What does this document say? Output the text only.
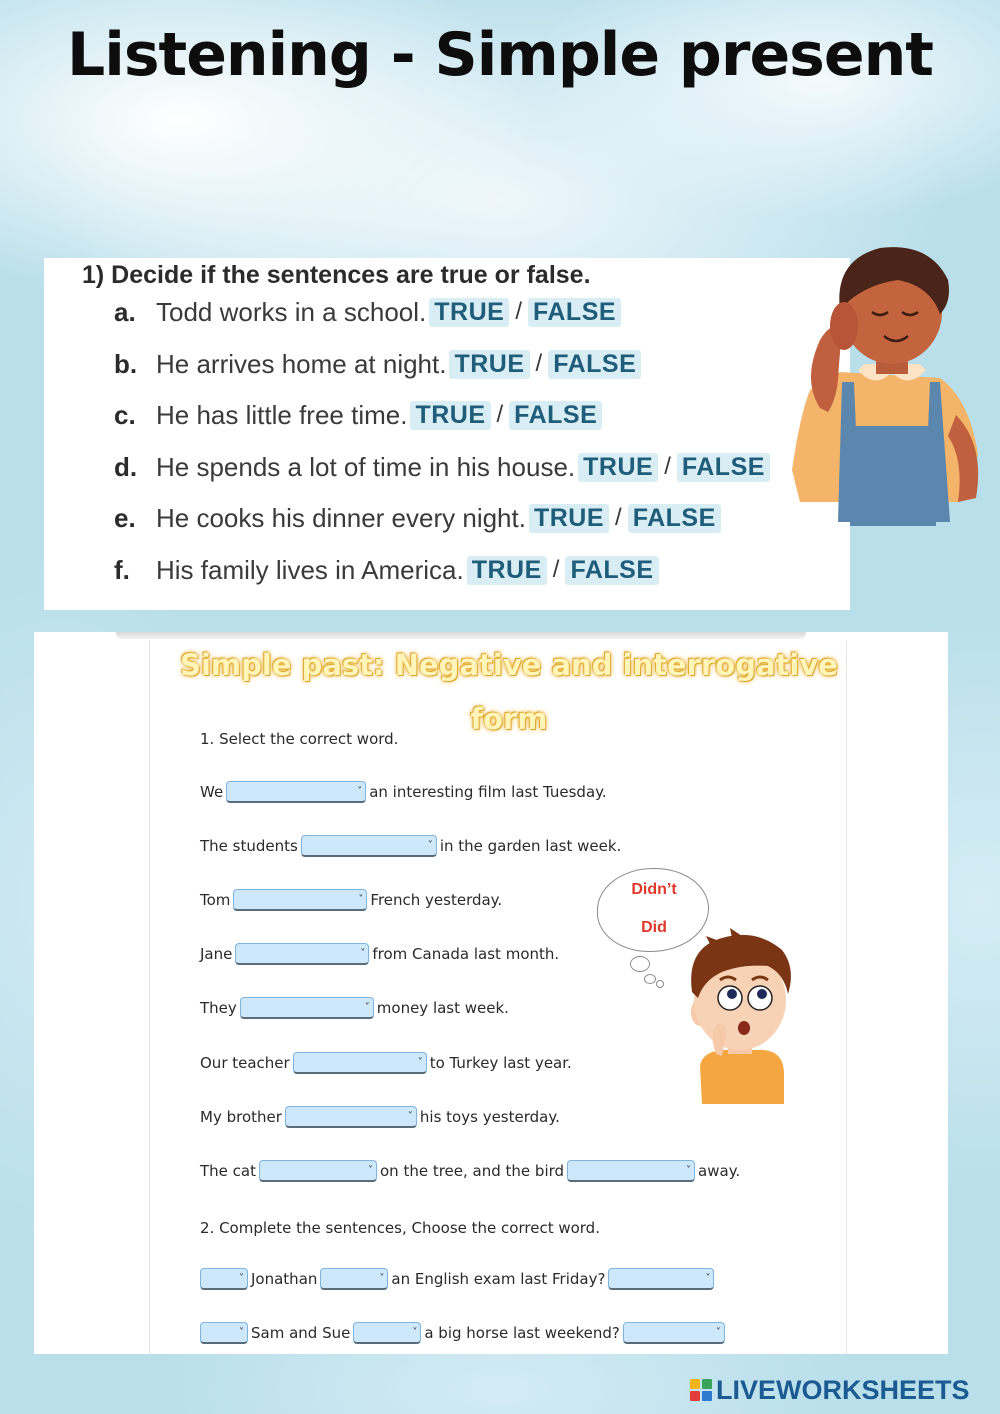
Listening - Simple present
1) Decide if the sentences are true or false.
a. Todd works in a school. TRUE / FALSE
b. He arrives home at night. TRUE / FALSE
c. He has little free time. TRUE / FALSE
d. He spends a lot of time in his house. TRUE / FALSE
e. He cooks his dinner every night. TRUE / FALSE
f.	His family lives in America. TRUE / FALSE
Simple past: Negative and interrogative
form
1. Select the correct word.
We	˅ an interesting film last Tuesday.
The students	˅ in the garden last week.
Tom	˅ French yesterday.
Jane	˅ from Canada last month.
They	˅ money last week.
Our teacher	˅ to Turkey last year.
My brother	˅ his toys yesterday.
The cat	˅ on the tree, and the bird	˅ away.
2. Complete the sentences, Choose the correct word.
˅ Jonathan	˅ an English exam last Friday?	˅
˅ Sam and Sue	˅ a big horse last weekend?	˅
Didn’t
Did
LIVEWORKSHEETS
